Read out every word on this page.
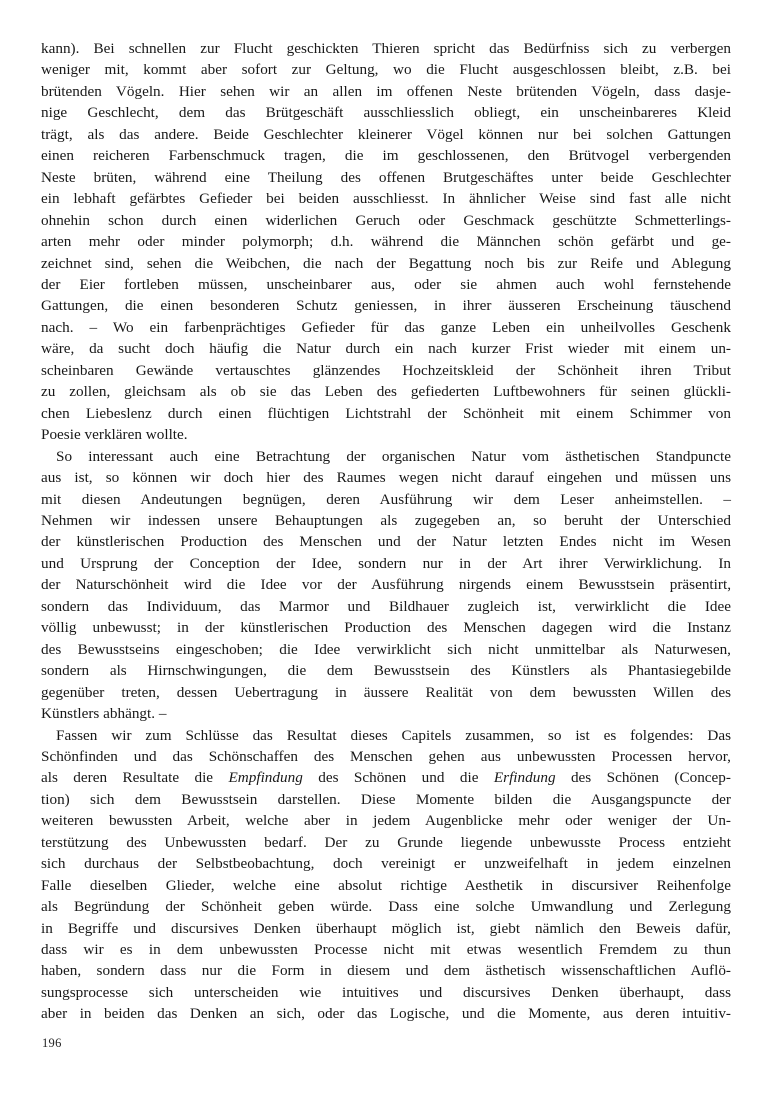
kann). Bei schnellen zur Flucht geschickten Thieren spricht das Bedürfniss sich zu verbergen
weniger mit, kommt aber sofort zur Geltung, wo die Flucht ausgeschlossen bleibt, z.B. bei
brütenden Vögeln. Hier sehen wir an allen im offenen Neste brütenden Vögeln, dass dasje-
nige Geschlecht, dem das Brütgeschäft ausschliesslich obliegt, ein unscheinbareres Kleid
trägt, als das andere. Beide Geschlechter kleinerer Vögel können nur bei solchen Gattungen
einen reicheren Farbenschmuck tragen, die im geschlossenen, den Brütvogel verbergenden
Neste brüten, während eine Theilung des offenen Brutgeschäftes unter beide Geschlechter
ein lebhaft gefärbtes Gefieder bei beiden ausschliesst. In ähnlicher Weise sind fast alle nicht
ohnehin schon durch einen widerlichen Geruch oder Geschmack geschützte Schmetterlings-
arten mehr oder minder polymorph; d.h. während die Männchen schön gefärbt und ge-
zeichnet sind, sehen die Weibchen, die nach der Begattung noch bis zur Reife und Ablegung
der Eier fortleben müssen, unscheinbarer aus, oder sie ahmen auch wohl fernstehende
Gattungen, die einen besonderen Schutz geniessen, in ihrer äusseren Erscheinung täuschend
nach. – Wo ein farbenprächtiges Gefieder für das ganze Leben ein unheilvolles Geschenk
wäre, da sucht doch häufig die Natur durch ein nach kurzer Frist wieder mit einem un-
scheinbaren Gewände vertauschtes glänzendes Hochzeitskleid der Schönheit ihren Tribut
zu zollen, gleichsam als ob sie das Leben des gefiederten Luftbewohners für seinen glückli-
chen Liebeslenz durch einen flüchtigen Lichtstrahl der Schönheit mit einem Schimmer von
Poesie verklären wollte.
So interessant auch eine Betrachtung der organischen Natur vom ästhetischen Standpuncte
aus ist, so können wir doch hier des Raumes wegen nicht darauf eingehen und müssen uns
mit diesen Andeutungen begnügen, deren Ausführung wir dem Leser anheimstellen. –
Nehmen wir indessen unsere Behauptungen als zugegeben an, so beruht der Unterschied
der künstlerischen Production des Menschen und der Natur letzten Endes nicht im Wesen
und Ursprung der Conception der Idee, sondern nur in der Art ihrer Verwirklichung. In
der Naturschönheit wird die Idee vor der Ausführung nirgends einem Bewusstsein präsentirt,
sondern das Individuum, das Marmor und Bildhauer zugleich ist, verwirklicht die Idee
völlig unbewusst; in der künstlerischen Production des Menschen dagegen wird die Instanz
des Bewusstseins eingeschoben; die Idee verwirklicht sich nicht unmittelbar als Naturwesen,
sondern als Hirnschwingungen, die dem Bewusstsein des Künstlers als Phantasiegebilde
gegenüber treten, dessen Uebertragung in äussere Realität von dem bewussten Willen des
Künstlers abhängt. –
Fassen wir zum Schlüsse das Resultat dieses Capitels zusammen, so ist es folgendes: Das
Schönfinden und das Schönschaffen des Menschen gehen aus unbewussten Processen hervor,
als deren Resultate die Empfindung des Schönen und die Erfindung des Schönen (Concep-
tion) sich dem Bewusstsein darstellen. Diese Momente bilden die Ausgangspuncte der
weiteren bewussten Arbeit, welche aber in jedem Augenblicke mehr oder weniger der Un-
terstützung des Unbewussten bedarf. Der zu Grunde liegende unbewusste Process entzieht
sich durchaus der Selbstbeobachtung, doch vereinigt er unzweifelhaft in jedem einzelnen
Falle dieselben Glieder, welche eine absolut richtige Aesthetik in discursiver Reihenfolge
als Begründung der Schönheit geben würde. Dass eine solche Umwandlung und Zerlegung
in Begriffe und discursives Denken überhaupt möglich ist, giebt nämlich den Beweis dafür,
dass wir es in dem unbewussten Processe nicht mit etwas wesentlich Fremdem zu thun
haben, sondern dass nur die Form in diesem und dem ästhetisch wissenschaftlichen Auflö-
sungsprocesse sich unterscheiden wie intuitives und discursives Denken überhaupt, dass
aber in beiden das Denken an sich, oder das Logische, und die Momente, aus deren intuitiv-
196
